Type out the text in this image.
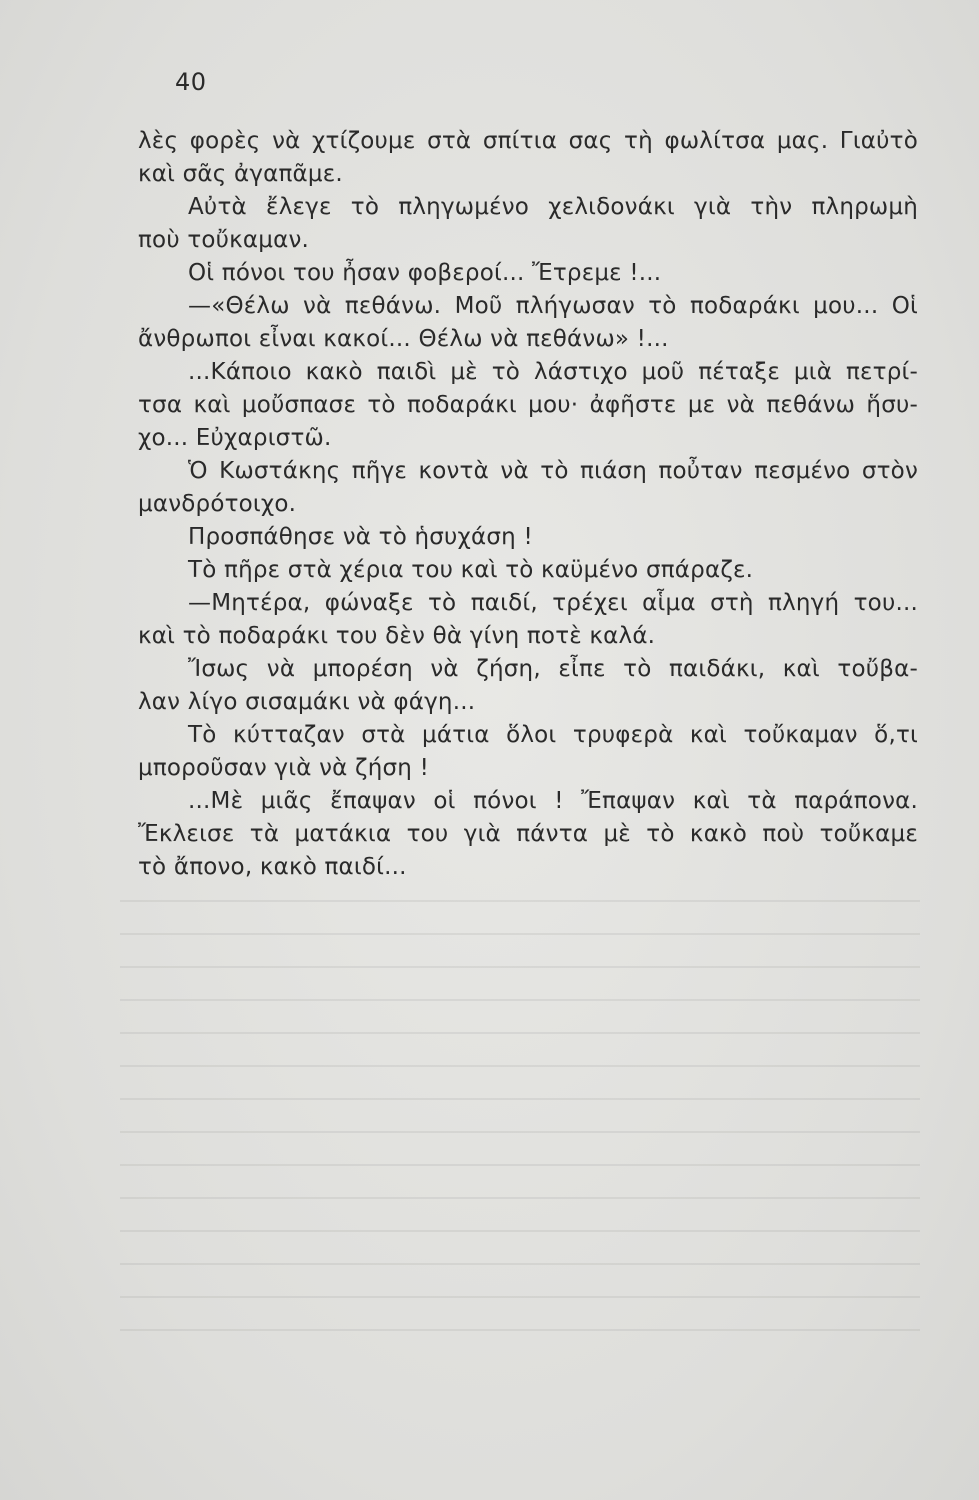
40
λὲς φορὲς νὰ χτίζουμε στὰ σπίτια σας τὴ φωλίτσα μας. Γιαὐτὸ
καὶ σᾶς ἀγαπᾶμε.
Αὐτὰ ἔλεγε τὸ πληγωμένο χελιδονάκι γιὰ τὴν πληρωμὴ
ποὺ τοὔκαμαν.
Οἱ πόνοι του ἦσαν φοβεροί... Ἔτρεμε !...
—«Θέλω νὰ πεθάνω. Μοῦ πλήγωσαν τὸ ποδαράκι μου... Οἱ
ἄνθρωποι εἶναι κακοί... Θέλω νὰ πεθάνω» !...
...Κάποιο κακὸ παιδὶ μὲ τὸ λάστιχο μοῦ πέταξε μιὰ πετρί-
τσα καὶ μοὔσπασε τὸ ποδαράκι μου· ἀφῆστε με νὰ πεθάνω ἥσυ-
χο... Εὐχαριστῶ.
Ὁ Κωστάκης πῆγε κοντὰ νὰ τὸ πιάση ποὖταν πεσμένο στὸν
μανδρότοιχο.
Προσπάθησε νὰ τὸ ἡσυχάση !
Τὸ πῆρε στὰ χέρια του καὶ τὸ καϋμένο σπάραζε.
—Μητέρα, φώναξε τὸ παιδί, τρέχει αἷμα στὴ πληγή του...
καὶ τὸ ποδαράκι του δὲν θὰ γίνη ποτὲ καλά.
Ἴσως νὰ μπορέση νὰ ζήση, εἶπε τὸ παιδάκι, καὶ τοὔβα-
λαν λίγο σισαμάκι νὰ φάγη...
Τὸ κύτταζαν στὰ μάτια ὅλοι τρυφερὰ καὶ τοὔκαμαν ὅ,τι
μποροῦσαν γιὰ νὰ ζήση !
...Μὲ μιᾶς ἔπαψαν οἱ πόνοι ! Ἔπαψαν καὶ τὰ παράπονα.
Ἔκλεισε τὰ ματάκια του γιὰ πάντα μὲ τὸ κακὸ ποὺ τοὔκαμε
τὸ ἄπονο, κακὸ παιδί...
